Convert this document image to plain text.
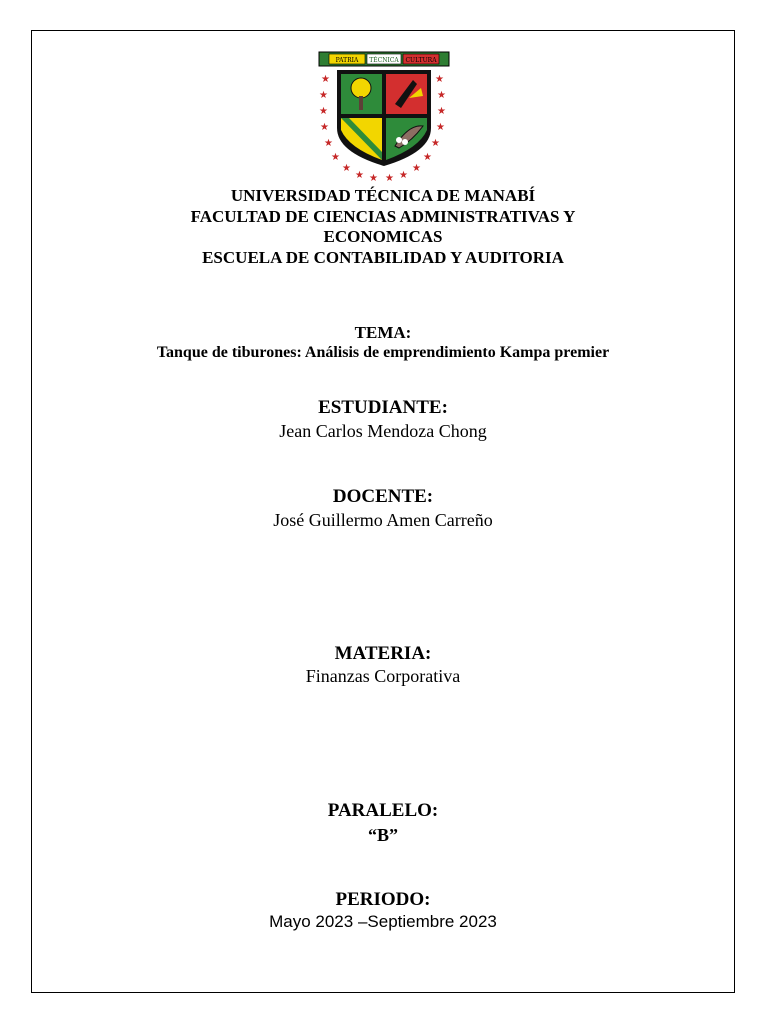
PATRIA TÉCNICA CULTURA
★
★
★
★
★
★
★
★ ★ ★ ★
★
★
★
★
★
★
★
UNIVERSIDAD TÉCNICA DE MANABÍ
FACULTAD DE CIENCIAS ADMINISTRATIVAS Y
ECONOMICAS
ESCUELA DE CONTABILIDAD Y AUDITORIA
TEMA:
Tanque de tiburones: Análisis de emprendimiento Kampa premier
ESTUDIANTE:
Jean Carlos Mendoza Chong
DOCENTE:
José Guillermo Amen Carreño
MATERIA:
Finanzas Corporativa
PARALELO:
“B”
PERIODO:
Mayo 2023 –Septiembre 2023
